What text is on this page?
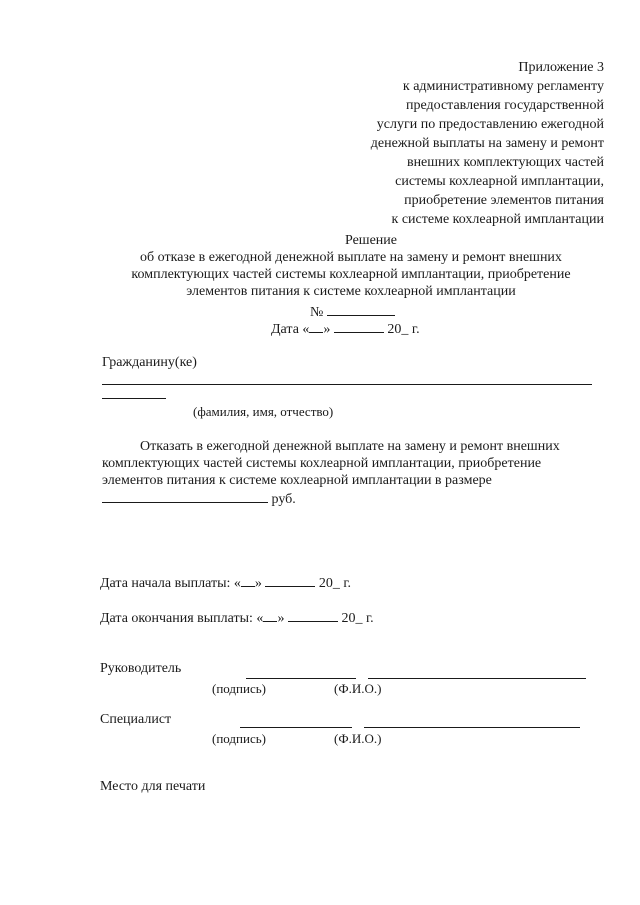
Приложение 3
к административному регламенту
предоставления государственной
услуги по предоставлению ежегодной
денежной выплаты на замену и ремонт
внешних комплектующих частей
системы кохлеарной имплантации,
приобретение элементов питания
к системе кохлеарной имплантации
Решение
об отказе в ежегодной денежной выплате на замену и ремонт внешних
комплектующих частей системы кохлеарной имплантации, приобретение
элементов питания к системе кохлеарной имплантации
№
Дата « »	20_ г.
Гражданину(ке)
(фамилия, имя, отчество)
Отказать в ежегодной денежной выплате на замену и ремонт внешних
комплектующих частей системы кохлеарной имплантации, приобретение
элементов питания к системе кохлеарной имплантации в размере
руб.
Дата начала выплаты: « »	20_ г.
Дата окончания выплаты: « »	20_ г.
Руководитель
(подпись)	(Ф.И.О.)
Специалист
(подпись)	(Ф.И.О.)
Место для печати
